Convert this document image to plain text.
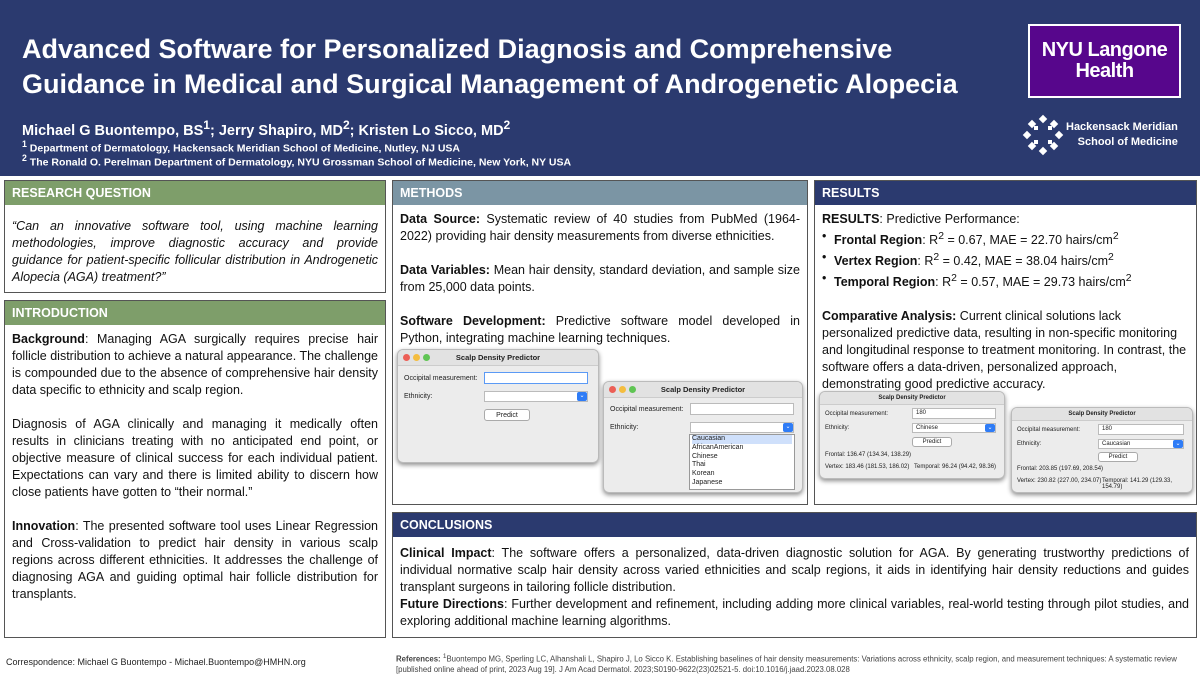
Advanced Software for Personalized Diagnosis and Comprehensive Guidance in Medical and Surgical Management of Androgenetic Alopecia
Michael G Buontempo, $BS^1$; Jerry Shapiro, $MD^2$; Kristen Lo Sicco, $MD^2$
$^1$ Department of Dermatology, Hackensack Meridian School of Medicine, Nutley, NJ USA
$^2$ The Ronald O. Perelman Department of Dermatology, NYU Grossman School of Medicine, New York, NY USA
NYU Langone
Health
Hackensack Meridian
School of Medicine
RESEARCH QUESTION
“Can an innovative software tool, using machine learning methodologies, improve diagnostic accuracy and provide guidance for patient-specific follicular distribution in Androgenetic Alopecia (AGA) treatment?”
INTRODUCTION

Background: Managing AGA surgically requires precise hair follicle distribution to achieve a natural appearance. The challenge is compounded due to the absence of comprehensive hair density data specific to ethnicity and scalp region.

Diagnosis of AGA clinically and managing it medically often results in clinicians treating with no anticipated end point, or objective measure of clinical success for each individual patient. Expectations can vary and there is limited ability to discern how close patients have gotten to “their normal.”

Innovation: The presented software tool uses Linear Regression and Cross-validation to predict hair density in various scalp regions across different ethnicities. It addresses the challenge of diagnosing AGA and guiding optimal hair follicle distribution for transplants.

METHODS

Data Source: Systematic review of 40 studies from PubMed (1964-2022) providing hair density measurements from diverse ethnicities.

Data Variables: Mean hair density, standard deviation, and sample size from 25,000 data points.

Software Development: Predictive software model developed in Python, integrating machine learning techniques.

Scalp Density Predictor
Occipital measurement:
Ethnicity:	⌄
Predict
Scalp Density Predictor
Occipital measurement:
Ethnicity:	⌄
Caucasian
AfricanAmerican
Chinese
Thai
Korean
Japanese
RESULTS

RESULTS: Predictive Performance:

• Frontal Region: $R^2 = 0.67$, MAE = 22.70 hairs/$cm^2$
• Vertex Region: $R^2 = 0.42$, MAE = 38.04 hairs/$cm^2$
• Temporal Region: $R^2 = 0.57$, MAE = 29.73 hairs/$cm^2$

Comparative Analysis: Current clinical solutions lack personalized predictive data, resulting in non-specific monitoring and longitudinal response to treatment monitoring. In contrast, the software offers a data-driven, personalized approach, demonstrating good predictive accuracy.

Scalp Density Predictor
Occipital measurement:	180
Ethnicity:	Chinese	⌄
Predict
Frontal: 136.47 (134.34, 138.29)
Vertex: 183.46 (181.53, 186.02) Temporal: 96.24 (94.42, 98.36)
Scalp Density Predictor
Occipital measurement:	180
Ethnicity:	Caucasian	⌄
Predict
Frontal: 203.85 (197.69, 208.54)
Vertex: 230.82 (227.00, 234.07) Temporal: 141.29 (129.33, 154.79)
CONCLUSIONS

Clinical Impact: The software offers a personalized, data-driven diagnostic solution for AGA. By generating trustworthy predictions of individual normative scalp hair density across varied ethnicities and scalp regions, it aids in identifying hair density reductions and guides transplant surgeons in tailoring follicle distribution.

Future Directions: Further development and refinement, including adding more clinical variables, real-world testing through pilot studies, and exploring additional machine learning algorithms.

Correspondence: Michael G Buontempo - Michael.Buontempo@HMHN.org	References: $^1$Buontempo MG, Sperling LC, Alhanshali L, Shapiro J, Lo Sicco K. Establishing baselines of hair density measurements: Variations across ethnicity, scalp region, and measurement techniques: A systematic review [published online ahead of print, 2023 Aug 19]. J Am Acad Dermatol. 2023;S0190-9622(23)02521-5. doi:10.1016/j.jaad.2023.08.028
